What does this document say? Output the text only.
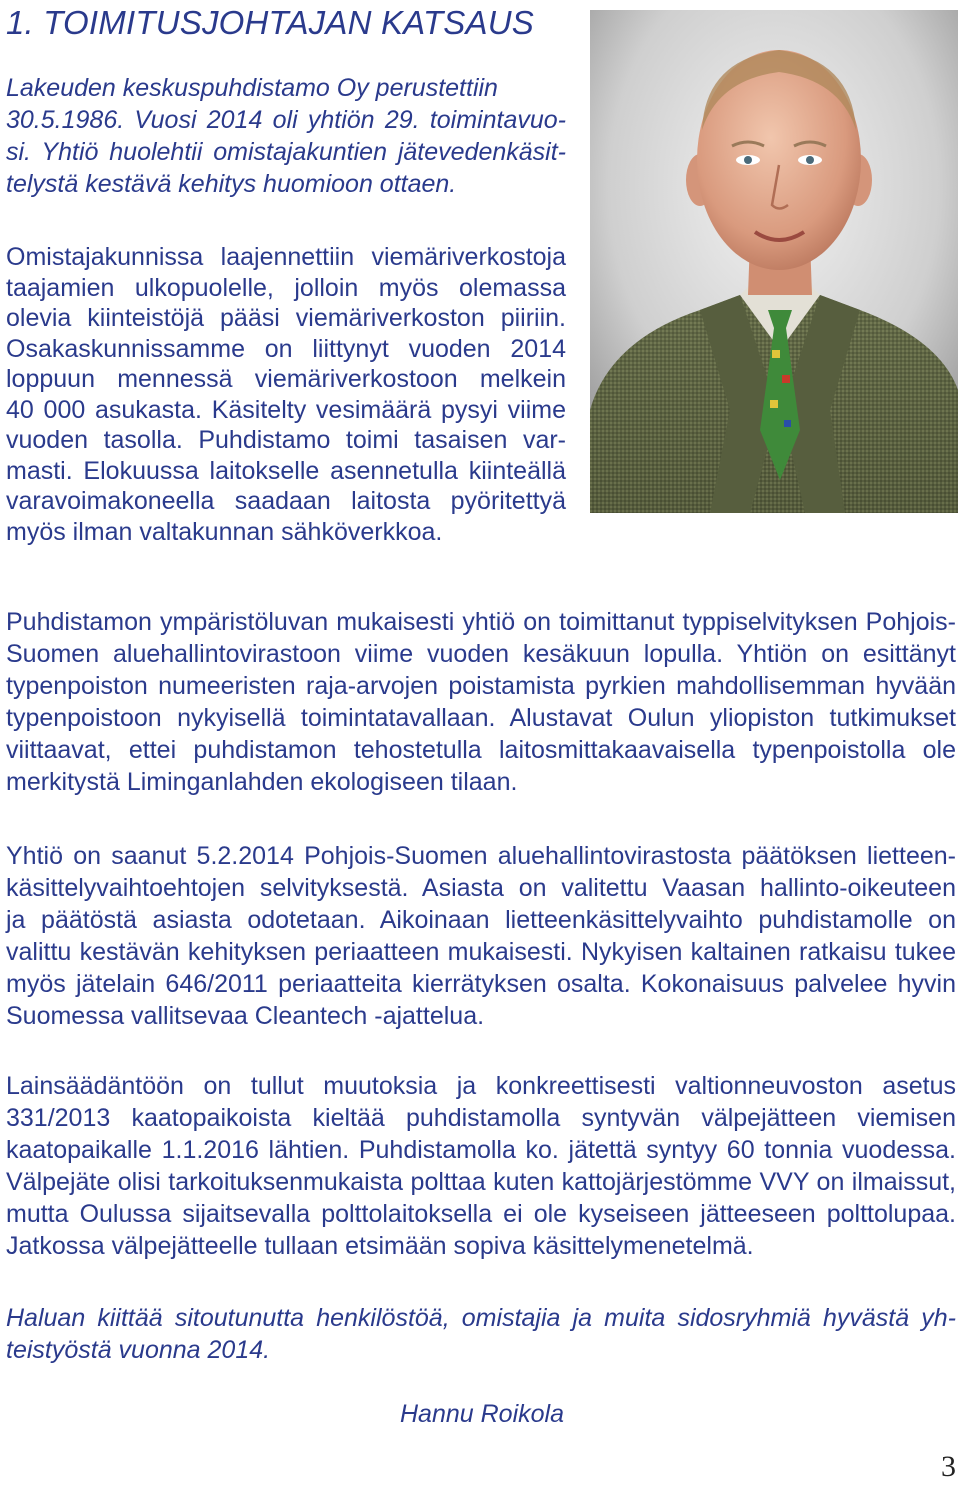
1. TOIMITUSJOHTAJAN KATSAUS

Lakeuden keskuspuhdistamo Oy perustettiin
30.5.1986. Vuosi 2014 oli yhtiön 29. toimintavuo-
si. Yhtiö huolehtii omistajakuntien jätevedenkäsit-
telystä kestävä kehitys huomioon ottaen.

Omistajakunnissa laajennettiin viemäriverkostoja
taajamien ulkopuolelle, jolloin myös olemassa
olevia kiinteistöjä pääsi viemäriverkoston piiriin.
Osakaskunnissamme on liittynyt vuoden 2014
loppuun mennessä viemäriverkostoon melkein
40 000 asukasta. Käsitelty vesimäärä pysyi viime
vuoden tasolla. Puhdistamo toimi tasaisen var-
masti. Elokuussa laitokselle asennetulla kiinteällä
varavoimakoneella saadaan laitosta pyöritettyä
myös ilman valtakunnan sähköverkkoa.

Puhdistamon ympäristöluvan mukaisesti yhtiö on toimittanut typpiselvityksen Pohjois-
Suomen aluehallintovirastoon viime vuoden kesäkuun lopulla. Yhtiön on esittänyt
typenpoiston numeeristen raja-arvojen poistamista pyrkien mahdollisemman hyvään
typenpoistoon nykyisellä toimintatavallaan. Alustavat Oulun yliopiston tutkimukset
viittaavat, ettei puhdistamon tehostetulla laitosmittakaavaisella typenpoistolla ole
merkitystä Liminganlahden ekologiseen tilaan.

Yhtiö on saanut 5.2.2014 Pohjois-Suomen aluehallintovirastosta päätöksen lietteen-
käsittelyvaihtoehtojen selvityksestä. Asiasta on valitettu Vaasan hallinto-oikeuteen
ja päätöstä asiasta odotetaan. Aikoinaan lietteenkäsittelyvaihto puhdistamolle on
valittu kestävän kehityksen periaatteen mukaisesti. Nykyisen kaltainen ratkaisu tukee
myös jätelain 646/2011 periaatteita kierrätyksen osalta. Kokonaisuus palvelee hyvin
Suomessa vallitsevaa Cleantech -ajattelua.

Lainsäädäntöön on tullut muutoksia ja konkreettisesti valtionneuvoston asetus
331/2013 kaatopaikoista kieltää puhdistamolla syntyvän välpejätteen viemisen
kaatopaikalle 1.1.2016 lähtien. Puhdistamolla ko. jätettä syntyy 60 tonnia vuodessa.
Välpejäte olisi tarkoituksenmukaista polttaa kuten kattojärjestömme VVY on ilmaissut,
mutta Oulussa sijaitsevalla polttolaitoksella ei ole kyseiseen jätteeseen polttolupaa.
Jatkossa välpejätteelle tullaan etsimään sopiva käsittelymenetelmä.

Haluan kiittää sitoutunutta henkilöstöä, omistajia ja muita sidosryhmiä hyvästä yh-
teistyöstä vuonna 2014.

Hannu Roikola

3
